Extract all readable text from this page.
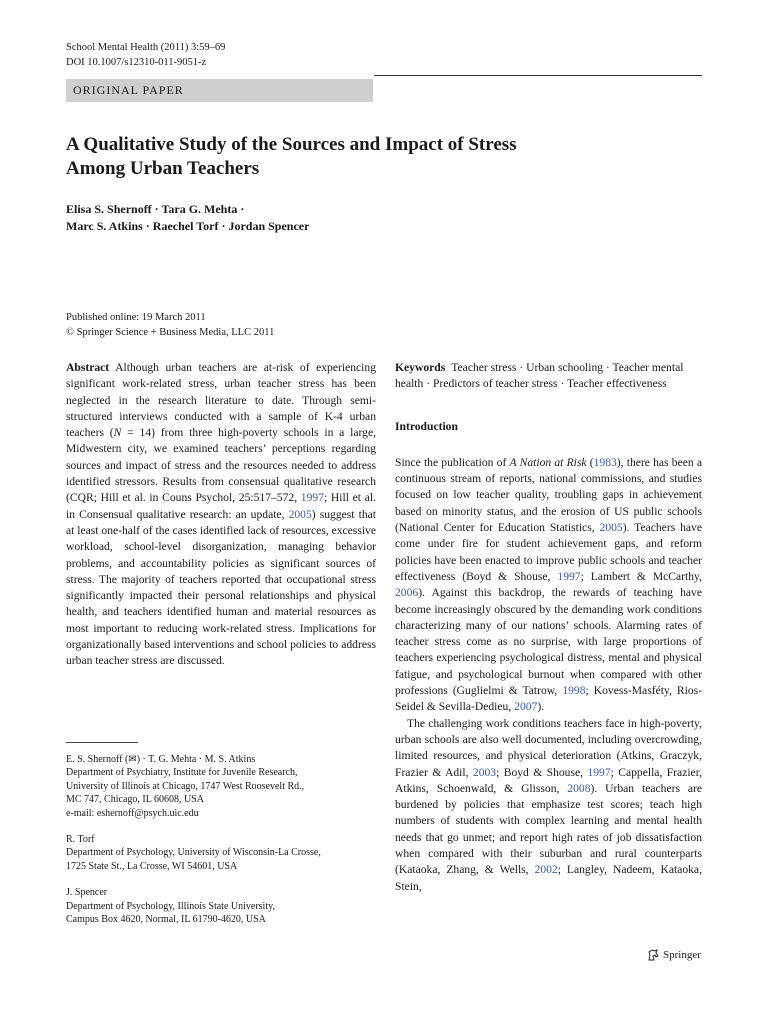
School Mental Health (2011) 3:59–69
DOI 10.1007/s12310-011-9051-z
ORIGINAL PAPER
A Qualitative Study of the Sources and Impact of Stress
Among Urban Teachers
Elisa S. Shernoff · Tara G. Mehta ·
Marc S. Atkins · Raechel Torf · Jordan Spencer
Published online: 19 March 2011
© Springer Science + Business Media, LLC 2011

Abstract Although urban teachers are at-risk of experiencing significant work-related stress, urban teacher stress has been neglected in the research literature to date. Through semi-structured interviews conducted with a sample of K-4 urban teachers (N = 14) from three high-poverty schools in a large, Midwestern city, we examined teachers’ perceptions regarding sources and impact of stress and the resources needed to address identified stressors. Results from consensual qualitative research (CQR; Hill et al. in Couns Psychol, 25:517–572, 1997; Hill et al. in Consensual qualitative research: an update, 2005) suggest that at least one-half of the cases identified lack of resources, excessive workload, school-level disorganization, managing behavior problems, and accountability policies as significant sources of stress. The majority of teachers reported that occupational stress significantly impacted their personal relationships and physical health, and teachers identified human and material resources as most important to reducing work-related stress. Implications for organizationally based interventions and school policies to address urban teacher stress are discussed.

E. S. Shernoff (✉) · T. G. Mehta · M. S. Atkins
Department of Psychiatry, Institute for Juvenile Research,
University of Illinois at Chicago, 1747 West Roosevelt Rd.,
MC 747, Chicago, IL 60608, USA
e-mail: eshernoff@psych.uic.edu
R. Torf
Department of Psychology, University of Wisconsin-La Crosse,
1725 State St., La Crosse, WI 54601, USA
J. Spencer
Department of Psychology, Illinois State University,
Campus Box 4620, Normal, IL 61790-4620, USA

Keywords Teacher stress · Urban schooling · Teacher mental health · Predictors of teacher stress · Teacher effectiveness

Introduction

Since the publication of A Nation at Risk (1983), there has been a continuous stream of reports, national commissions, and studies focused on low teacher quality, troubling gaps in achievement based on minority status, and the erosion of US public schools (National Center for Education Statistics, 2005). Teachers have come under fire for student achievement gaps, and reform policies have been enacted to improve public schools and teacher effectiveness (Boyd & Shouse, 1997; Lambert & McCarthy, 2006). Against this backdrop, the rewards of teaching have become increasingly obscured by the demanding work conditions characterizing many of our nations’ schools. Alarming rates of teacher stress come as no surprise, with large proportions of teachers experiencing psychological distress, mental and physical fatigue, and psychological burnout when compared with other professions (Guglielmi & Tatrow, 1998; Kovess-Masféty, Rios-Seidel & Sevilla-Dedieu, 2007).

The challenging work conditions teachers face in high-poverty, urban schools are also well documented, including overcrowding, limited resources, and physical deterioration (Atkins, Graczyk, Frazier & Adil, 2003; Boyd & Shouse, 1997; Cappella, Frazier, Atkins, Schoenwald, & Glisson, 2008). Urban teachers are burdened by policies that emphasize test scores; teach high numbers of students with complex learning and mental health needs that go unmet; and report high rates of job dissatisfaction when compared with their suburban and rural counterparts (Kataoka, Zhang, & Wells, 2002; Langley, Nadeem, Kataoka, Stein,

Springer
